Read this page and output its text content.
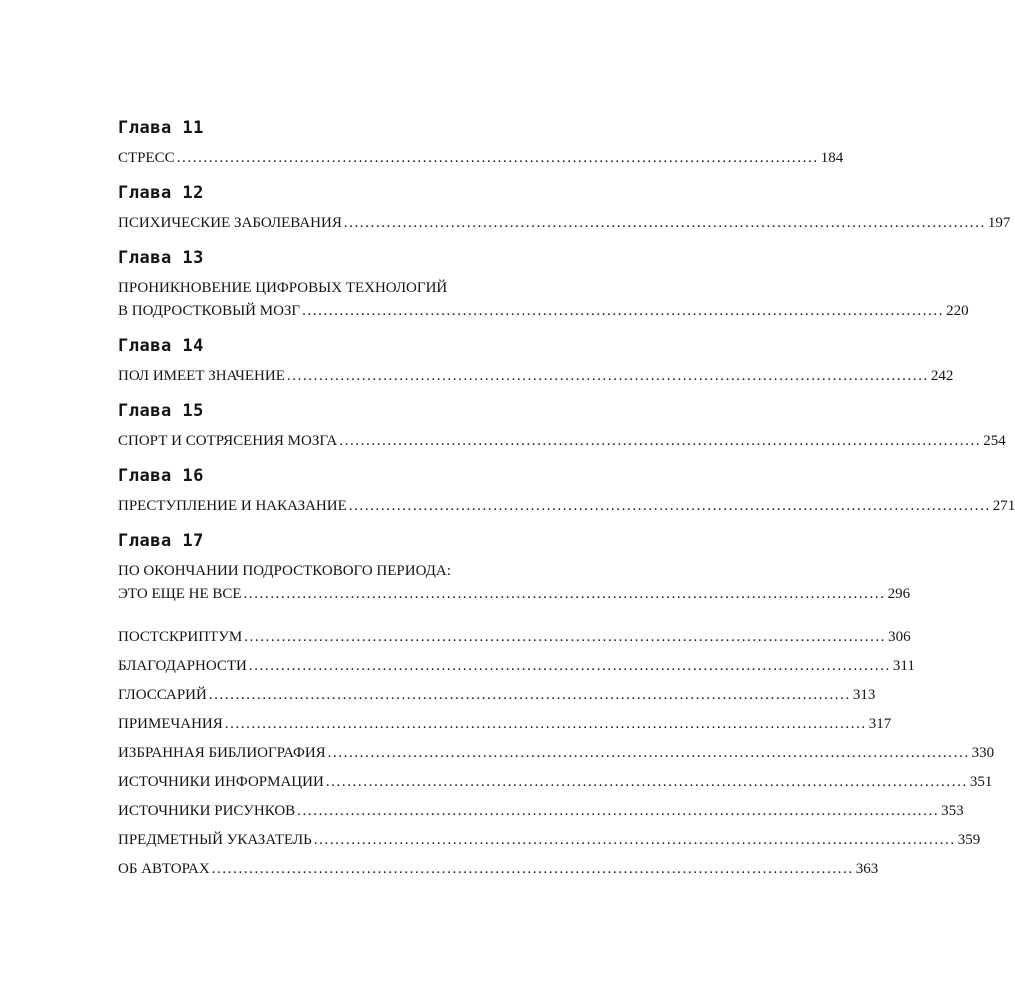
Глава 11
СТРЕСС ........................................................................................................................ 184
Глава 12
ПСИХИЧЕСКИЕ ЗАБОЛЕВАНИЯ ........................................................................................................................ 197
Глава 13
ПРОНИКНОВЕНИЕ ЦИФРОВЫХ ТЕХНОЛОГИЙ
В ПОДРОСТКОВЫЙ МОЗГ ........................................................................................................................ 220
Глава 14
ПОЛ ИМЕЕТ ЗНАЧЕНИЕ ........................................................................................................................ 242
Глава 15
СПОРТ И СОТРЯСЕНИЯ МОЗГА ........................................................................................................................ 254
Глава 16
ПРЕСТУПЛЕНИЕ И НАКАЗАНИЕ ........................................................................................................................ 271
Глава 17
ПО ОКОНЧАНИИ ПОДРОСТКОВОГО ПЕРИОДА:
ЭТО ЕЩЕ НЕ ВСЕ ........................................................................................................................ 296
ПОСТСКРИПТУМ ........................................................................................................................ 306
БЛАГОДАРНОСТИ ........................................................................................................................ 311
ГЛОССАРИЙ ........................................................................................................................ 313
ПРИМЕЧАНИЯ ........................................................................................................................ 317
ИЗБРАННАЯ БИБЛИОГРАФИЯ ........................................................................................................................ 330
ИСТОЧНИКИ ИНФОРМАЦИИ ........................................................................................................................ 351
ИСТОЧНИКИ РИСУНКОВ ........................................................................................................................ 353
ПРЕДМЕТНЫЙ УКАЗАТЕЛЬ ........................................................................................................................ 359
ОБ АВТОРАХ ........................................................................................................................ 363
